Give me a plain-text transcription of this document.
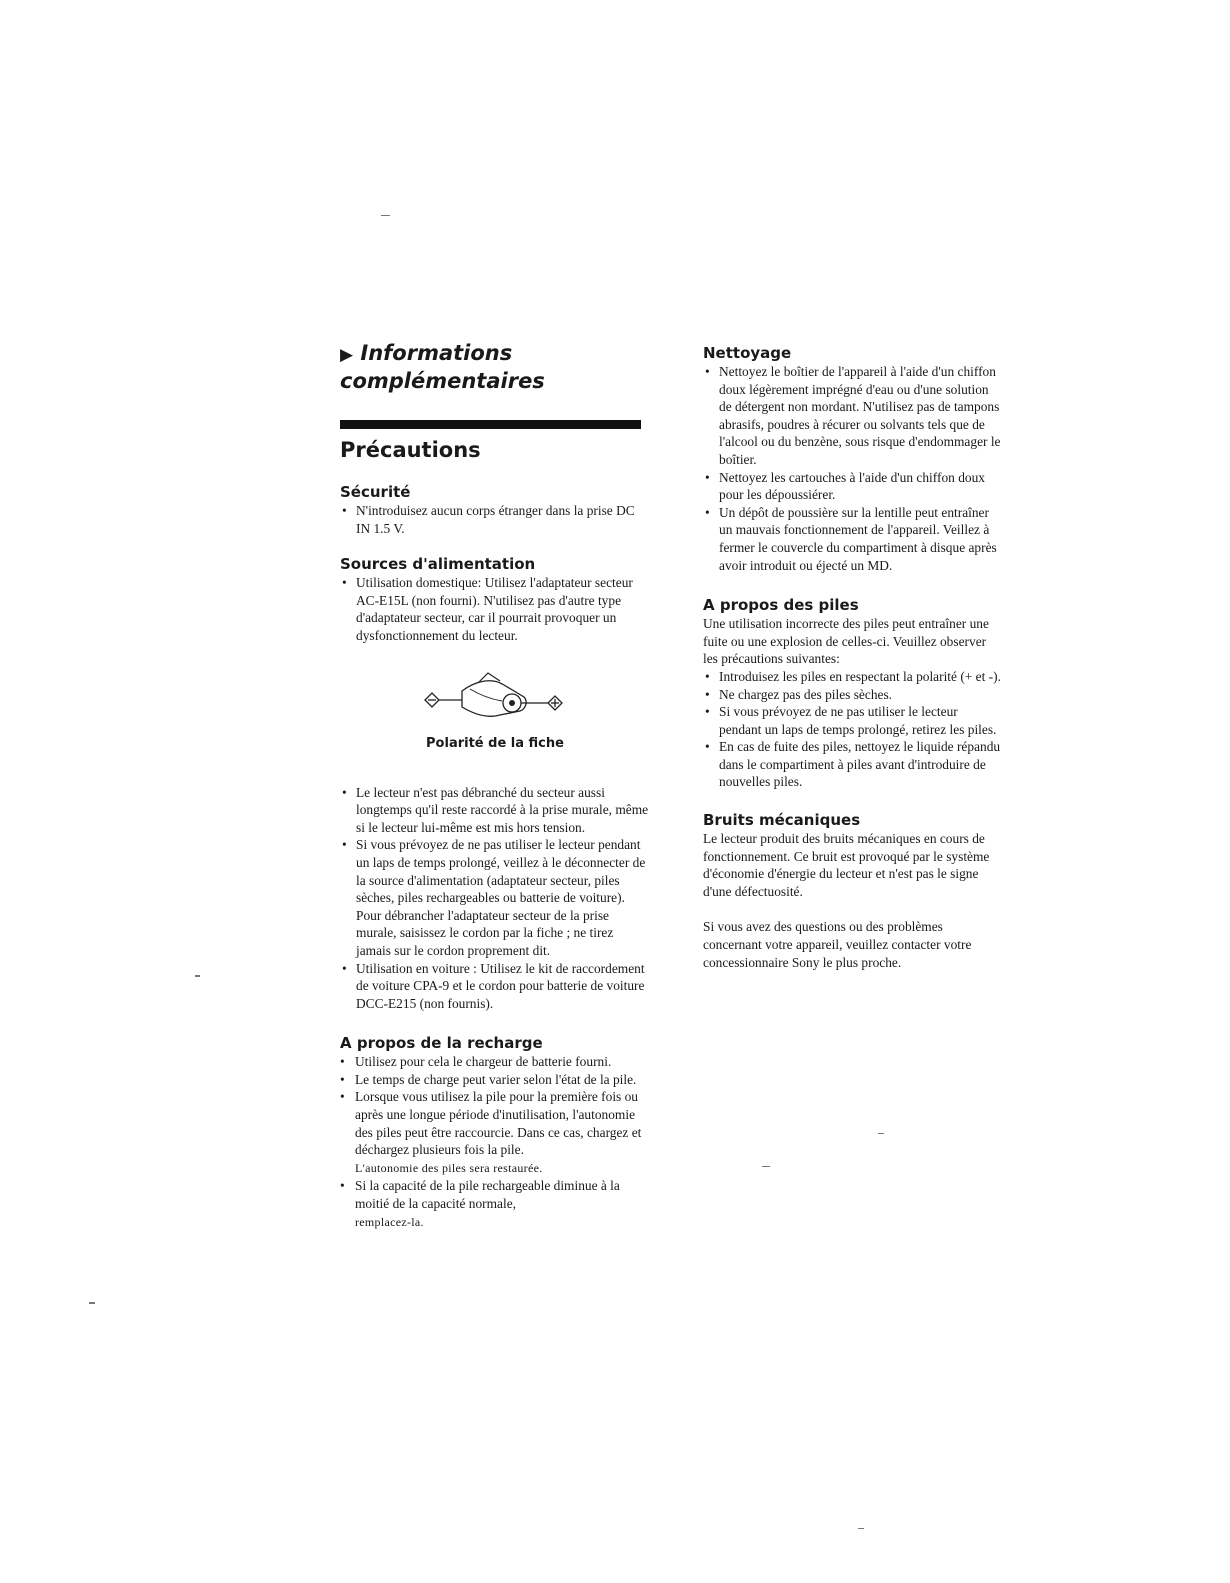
▶ Informations
complémentaires
Précautions
Sécurité
• N'introduisez aucun corps étranger dans la prise DC IN 1.5 V.
Sources d'alimentation
• Utilisation domestique: Utilisez l'adaptateur secteur AC-E15L (non fourni). N'utilisez pas d'autre type d'adaptateur secteur, car il pourrait provoquer un dysfonctionnement du lecteur.
Polarité de la fiche
• Le lecteur n'est pas débranché du secteur aussi longtemps qu'il reste raccordé à la prise murale, même si le lecteur lui-même est mis hors tension.
• Si vous prévoyez de ne pas utiliser le lecteur pendant un laps de temps prolongé, veillez à le déconnecter de la source d'alimentation (adaptateur secteur, piles sèches, piles rechargeables ou batterie de voiture). Pour débrancher l'adaptateur secteur de la prise murale, saisissez le cordon par la fiche ; ne tirez jamais sur le cordon proprement dit.
• Utilisation en voiture : Utilisez le kit de raccordement de voiture CPA-9 et le cordon pour batterie de voiture DCC-E215 (non fournis).
A propos de la recharge
• Utilisez pour cela le chargeur de batterie fourni.
• Le temps de charge peut varier selon l'état de la pile.
• Lorsque vous utilisez la pile pour la première fois ou après une longue période d'inutilisation, l'autonomie des piles peut être raccourcie. Dans ce cas, chargez et déchargez plusieurs fois la pile.
L'autonomie des piles sera restaurée.
• Si la capacité de la pile rechargeable diminue à la moitié de la capacité normale,
remplacez-la.
Nettoyage
• Nettoyez le boîtier de l'appareil à l'aide d'un chiffon doux légèrement imprégné d'eau ou d'une solution de détergent non mordant. N'utilisez pas de tampons abrasifs, poudres à récurer ou solvants tels que de l'alcool ou du benzène, sous risque d'endommager le boîtier.
• Nettoyez les cartouches à l'aide d'un chiffon doux pour les dépoussiérer.
• Un dépôt de poussière sur la lentille peut entraîner un mauvais fonctionnement de l'appareil. Veillez à fermer le couvercle du compartiment à disque après avoir introduit ou éjecté un MD.
A propos des piles

Une utilisation incorrecte des piles peut entraîner une fuite ou une explosion de celles-ci. Veuillez observer les précautions suivantes:

• Introduisez les piles en respectant la polarité (+ et -).
• Ne chargez pas des piles sèches.
• Si vous prévoyez de ne pas utiliser le lecteur pendant un laps de temps prolongé, retirez les piles.
• En cas de fuite des piles, nettoyez le liquide répandu dans le compartiment à piles avant d'introduire de nouvelles piles.
Bruits mécaniques

Le lecteur produit des bruits mécaniques en cours de fonctionnement. Ce bruit est provoqué par le système d'économie d'énergie du lecteur et n'est pas le signe d'une défectuosité.

Si vous avez des questions ou des problèmes concernant votre appareil, veuillez contacter votre concessionnaire Sony le plus proche.
